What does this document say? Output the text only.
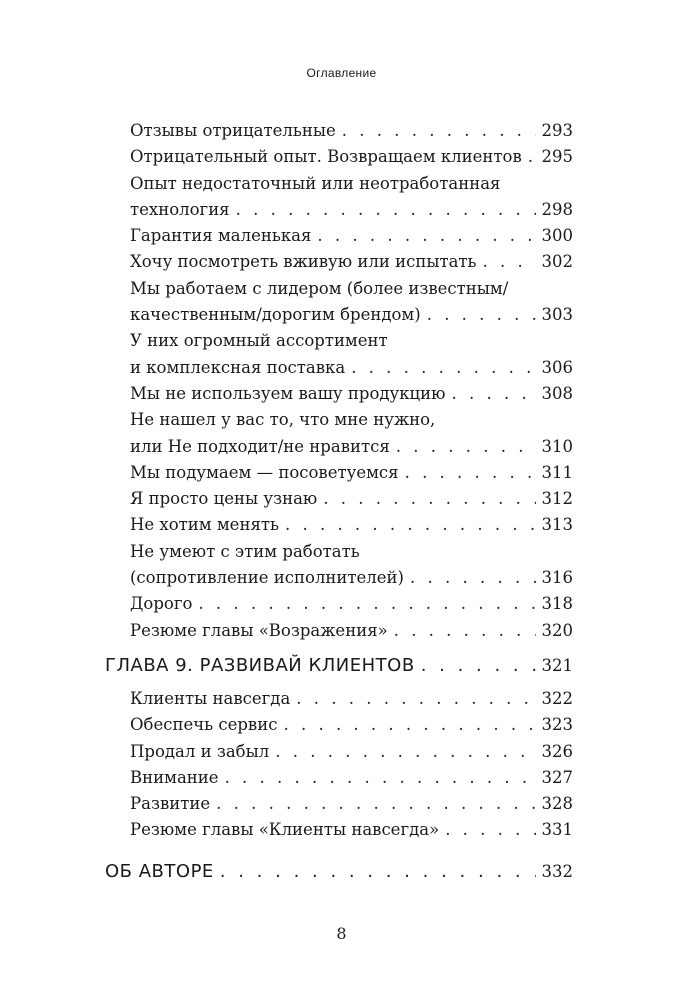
Оглавление
Отзывы отрицательные . . .	293
Отрицательный опыт. Возвращаем клиентов . . . 295
Опыт недостаточный или неотработанная
технология . . .	298
Гарантия маленькая . . .	300
Хочу посмотреть вживую или испытать . . .	302
Мы работаем с лидером (более известным/
качественным/дорогим брендом) . . .	303
У них огромный ассортимент
и комплексная поставка . . .	306
Мы не используем вашу продукцию . . .	308
Не нашел у вас то, что мне нужно,
или Не подходит/не нравится . . .	310
Мы подумаем — посоветуемся . . .	311
Я просто цены узнаю . . .	312
Не хотим менять . . .	313
Не умеют с этим работать
(сопротивление исполнителей) . . .	316
Дорого . . .	318
Резюме главы «Возражения» . . .	320
ГЛАВА 9. РАЗВИВАЙ КЛИЕНТОВ . . .	321
Клиенты навсегда . . .	322
Обеспечь сервис . . .	323
Продал и забыл . . .	326
Внимание . . .	327
Развитие . . .	328
Резюме главы «Клиенты навсегда» . . .	331
ОБ АВТОРЕ . . .	332
8
